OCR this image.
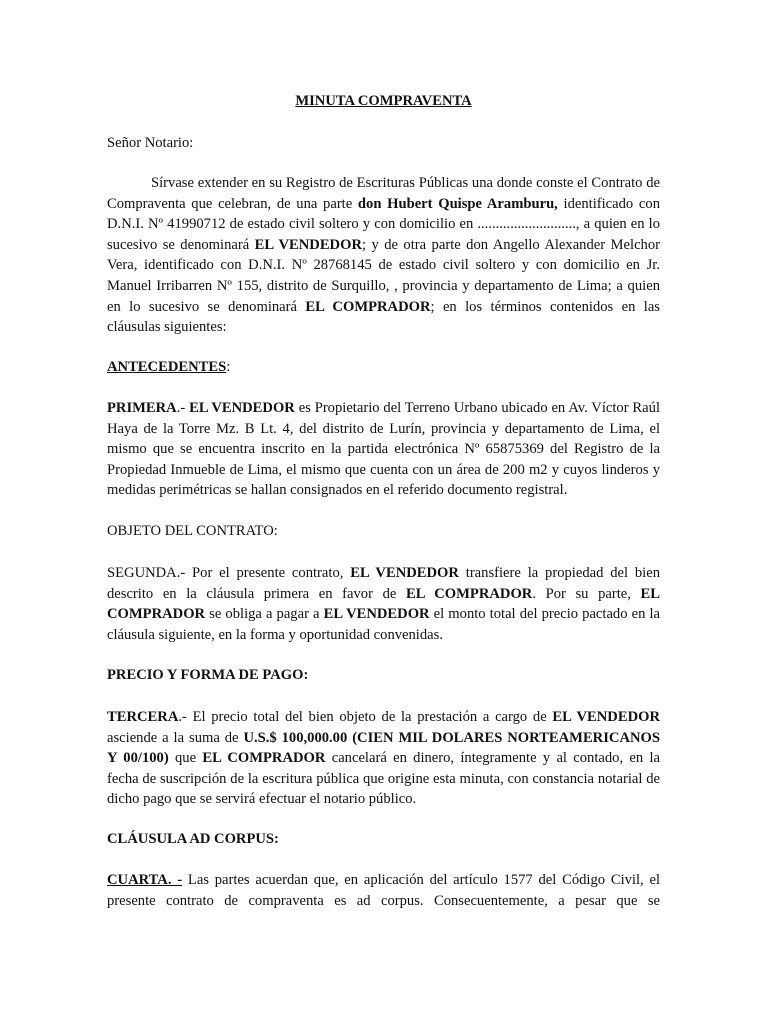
MINUTA COMPRAVENTA

Señor Notario:

Sírvase extender en su Registro de Escrituras Públicas una donde conste el Contrato de Compraventa que celebran, de una parte don Hubert Quispe Aramburu, identificado con D.N.I. Nº 41990712 de estado civil soltero y con domicilio en ..........................., a quien en lo sucesivo se denominará EL VENDEDOR; y de otra parte don Angello Alexander Melchor Vera, identificado con D.N.I. Nº 28768145 de estado civil soltero y con domicilio en Jr. Manuel Irribarren Nº 155, distrito de Surquillo, , provincia y departamento de Lima; a quien en lo sucesivo se denominará EL COMPRADOR; en los términos contenidos en las cláusulas siguientes:

ANTECEDENTES:

PRIMERA.- EL VENDEDOR es Propietario del Terreno Urbano ubicado en Av. Víctor Raúl Haya de la Torre Mz. B Lt. 4, del distrito de Lurín, provincia y departamento de Lima, el mismo que se encuentra inscrito en la partida electrónica Nº 65875369 del Registro de la Propiedad Inmueble de Lima, el mismo que cuenta con un área de 200 m2 y cuyos linderos y medidas perimétricas se hallan consignados en el referido documento registral.

OBJETO DEL CONTRATO:

SEGUNDA.- Por el presente contrato, EL VENDEDOR transfiere la propiedad del bien descrito en la cláusula primera en favor de EL COMPRADOR. Por su parte, EL COMPRADOR se obliga a pagar a EL VENDEDOR el monto total del precio pactado en la cláusula siguiente, en la forma y oportunidad convenidas.

PRECIO Y FORMA DE PAGO:

TERCERA.- El precio total del bien objeto de la prestación a cargo de EL VENDEDOR asciende a la suma de U.S.$ 100,000.00 (CIEN MIL DOLARES NORTEAMERICANOS Y 00/100) que EL COMPRADOR cancelará en dinero, íntegramente y al contado, en la fecha de suscripción de la escritura pública que origine esta minuta, con constancia notarial de dicho pago que se servirá efectuar el notario público.

CLÁUSULA AD CORPUS:

CUARTA. - Las partes acuerdan que, en aplicación del artículo 1577 del Código Civil, el presente contrato de compraventa es ad corpus. Consecuentemente, a pesar que se
